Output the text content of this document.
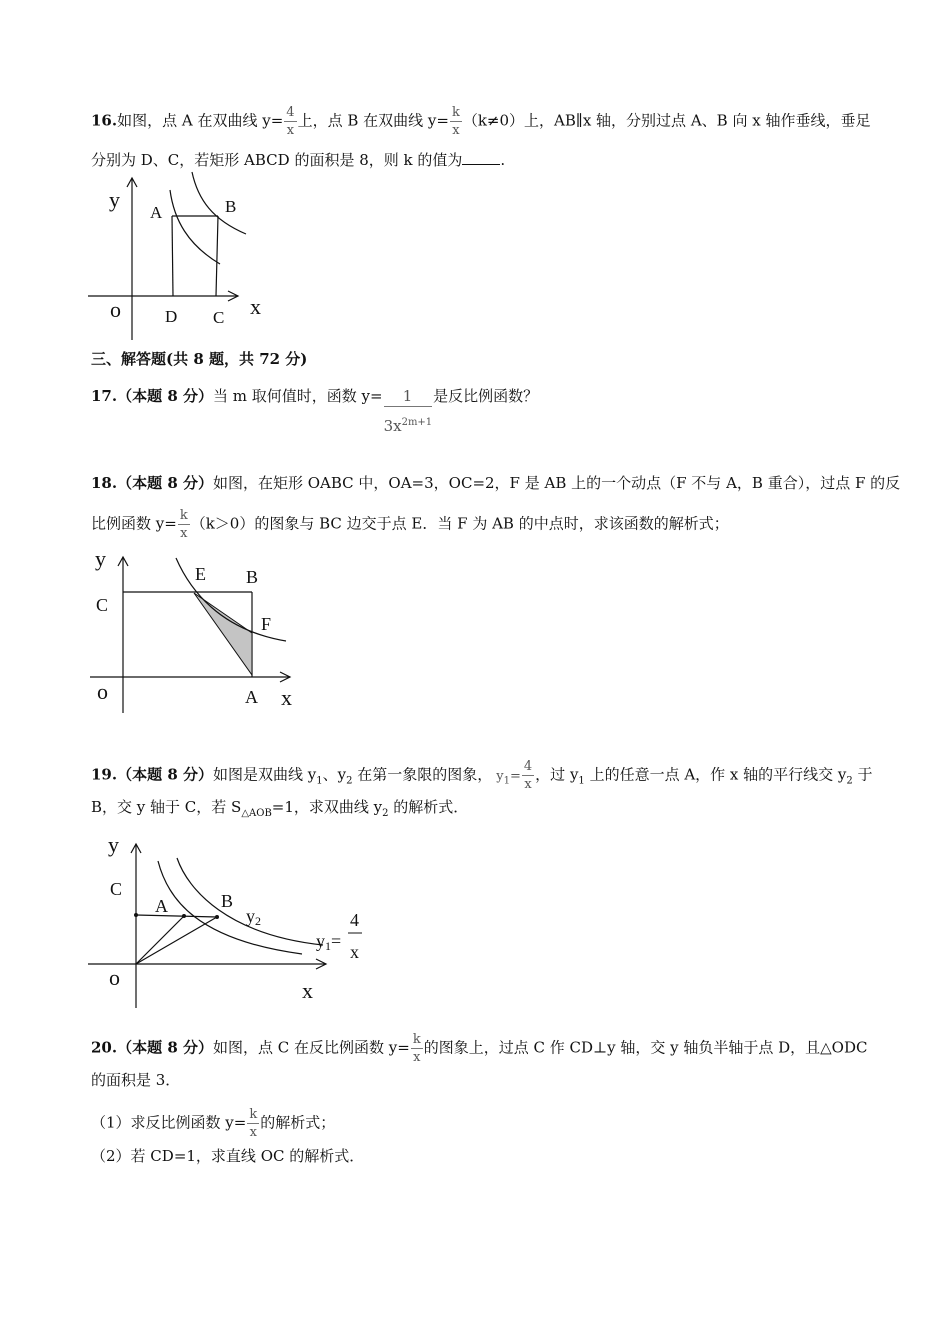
16.如图，点 A 在双曲线 $y= \frac{4}{x}$ 上，点 B 在双曲线 $y= \frac{k}{x} (k\ne 0)$上，AB∥x 轴，分别过点 A、B 向 x 轴作垂线，垂足
分别为 D、C，若矩形 ABCD 的面积是 8，则 k 的值为	.
y
A	B
o	D C x
三、解答题(共 8 题，共 72 分)
17.（本题 8 分）当 m 取何值时，函数 $y= \frac{1}{3x^{2m+1}}$ 是反比例函数？
18.（本题 8 分）如图，在矩形 OABC 中，OA=3，OC=2，F 是 AB 上的一个动点（F 不与 A，B 重合），过点 F 的反
比例函数 $y= \frac{k}{x} (k>0)$的图象与 BC 边交于点 E．当 F 为 AB 的中点时，求该函数的解析式；
y
C
E B
F
o	A x
19.（本题 8 分）如图是双曲线 $y_1$、$y_2$ 在第一象限的图象， $y_1= \frac{4}{x}$ ，过 $y_1$ 上的任意一点 A，作 x 轴的平行线交 $y_2$ 于
B，交 y 轴于 C，若 $S_{\triangle AOB}=1$，求双曲线 $y_2$ 的解析式．
y
C
A	B
y2
y1=
4
x
o
x
20.（本题 8 分）如图，点 C 在反比例函数 $y= \frac{k}{x}$ 的图象上，过点 C 作 CD⊥y 轴，交 y 轴负半轴于点 D，且△ODC
的面积是 3．
（1）求反比例函数 $y= \frac{k}{x}$ 的解析式；
（2）若 CD=1，求直线 OC 的解析式．
